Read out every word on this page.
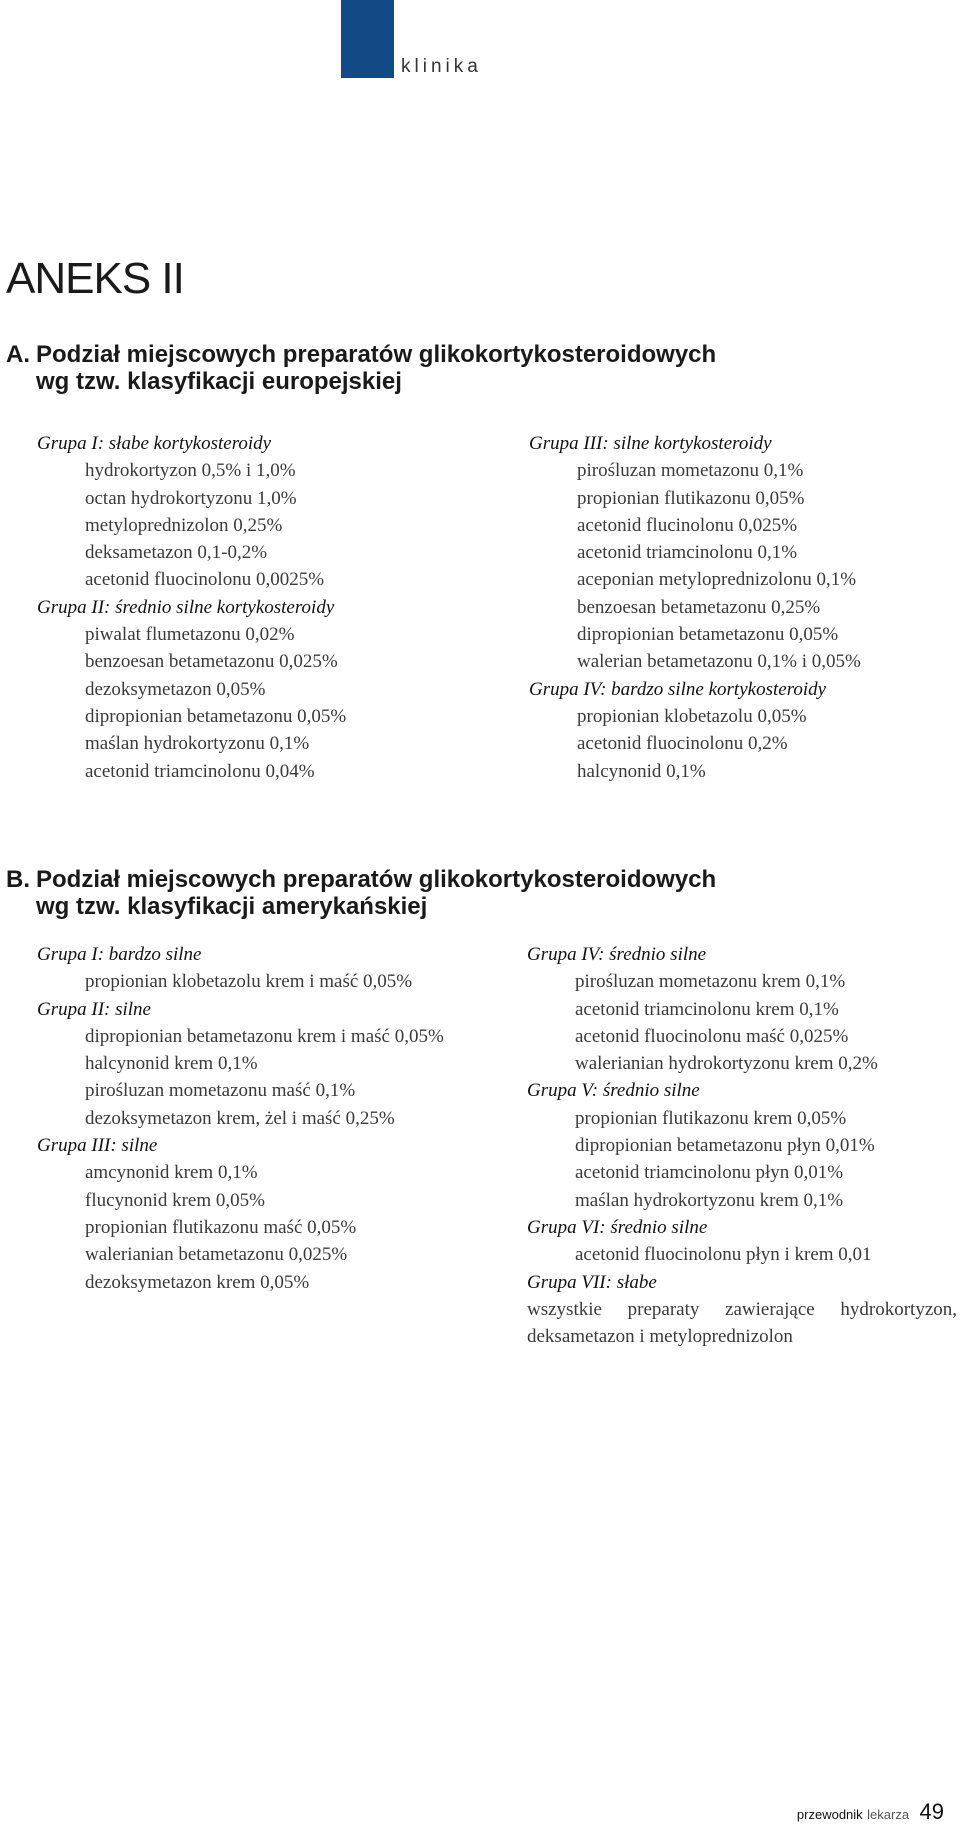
klinika
ANEKS II
A. Podział miejscowych preparatów glikokortykosteroidowych
wg tzw. klasyfikacji europejskiej
Grupa I: słabe kortykosteroidy
hydrokortyzon 0,5% i 1,0%
octan hydrokortyzonu 1,0%
metyloprednizolon 0,25%
deksametazon 0,1-0,2%
acetonid fluocinolonu 0,0025%
Grupa II: średnio silne kortykosteroidy
piwalat flumetazonu 0,02%
benzoesan betametazonu 0,025%
dezoksymetazon 0,05%
dipropionian betametazonu 0,05%
maślan hydrokortyzonu 0,1%
acetonid triamcinolonu 0,04%
Grupa III: silne kortykosteroidy
pirośluzan mometazonu 0,1%
propionian flutikazonu 0,05%
acetonid flucinolonu 0,025%
acetonid triamcinolonu 0,1%
aceponian metyloprednizolonu 0,1%
benzoesan betametazonu 0,25%
dipropionian betametazonu 0,05%
walerian betametazonu 0,1% i 0,05%
Grupa IV: bardzo silne kortykosteroidy
propionian klobetazolu 0,05%
acetonid fluocinolonu 0,2%
halcynonid 0,1%
B. Podział miejscowych preparatów glikokortykosteroidowych
wg tzw. klasyfikacji amerykańskiej
Grupa I: bardzo silne
propionian klobetazolu krem i maść 0,05%
Grupa II: silne
dipropionian betametazonu krem i maść 0,05%
halcynonid krem 0,1%
pirośluzan mometazonu maść 0,1%
dezoksymetazon krem, żel i maść 0,25%
Grupa III: silne
amcynonid krem 0,1%
flucynonid krem 0,05%
propionian flutikazonu maść 0,05%
walerianian betametazonu 0,025%
dezoksymetazon krem 0,05%
Grupa IV: średnio silne
pirośluzan mometazonu krem 0,1%
acetonid triamcinolonu krem 0,1%
acetonid fluocinolonu maść 0,025%
walerianian hydrokortyzonu krem 0,2%
Grupa V: średnio silne
propionian flutikazonu krem 0,05%
dipropionian betametazonu płyn 0,01%
acetonid triamcinolonu płyn 0,01%
maślan hydrokortyzonu krem 0,1%
Grupa VI: średnio silne
acetonid fluocinolonu płyn i krem 0,01
Grupa VII: słabe
wszystkie preparaty zawierające hydrokortyzon, deksametazon i metyloprednizolon
przewodnik lekarza 49
